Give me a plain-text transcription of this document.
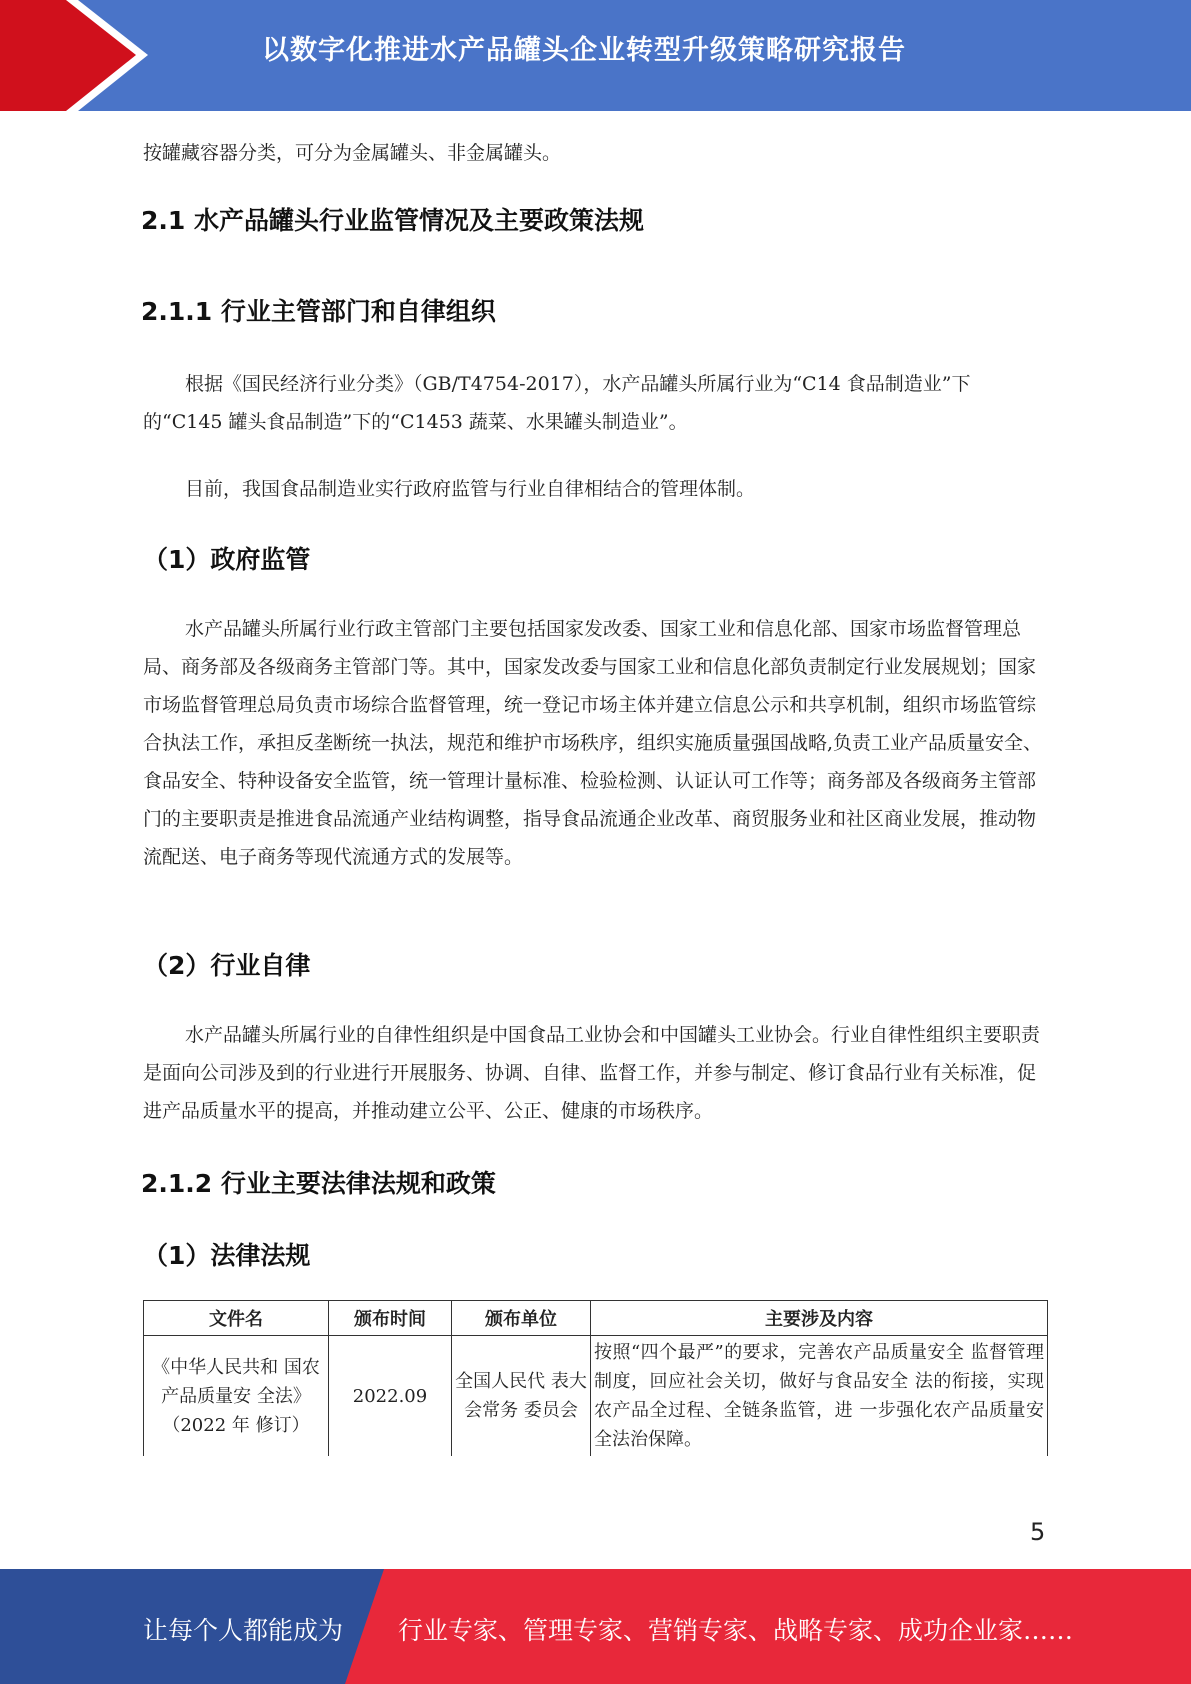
以数字化推进水产品罐头企业转型升级策略研究报告

按罐藏容器分类，可分为金属罐头、非金属罐头。

2.1 水产品罐头行业监管情况及主要政策法规
2.1.1 行业主管部门和自律组织

根据《国民经济行业分类》（GB/T4754-2017），水产品罐头所属行业为“C14 食品制造业”下的“C145 罐头食品制造”下的“C1453 蔬菜、水果罐头制造业”。

目前，我国食品制造业实行政府监管与行业自律相结合的管理体制。

（1）政府监管

水产品罐头所属行业行政主管部门主要包括国家发改委、国家工业和信息化部、国家市场监督管理总局、商务部及各级商务主管部门等。其中，国家发改委与国家工业和信息化部负责制定行业发展规划；国家市场监督管理总局负责市场综合监督管理，统一登记市场主体并建立信息公示和共享机制，组织市场监管综合执法工作，承担反垄断统一执法，规范和维护市场秩序，组织实施质量强国战略,负责工业产品质量安全、食品安全、特种设备安全监管，统一管理计量标准、检验检测、认证认可工作等；商务部及各级商务主管部门的主要职责是推进食品流通产业结构调整，指导食品流通企业改革、商贸服务业和社区商业发展，推动物流配送、电子商务等现代流通方式的发展等。

（2）行业自律

水产品罐头所属行业的自律性组织是中国食品工业协会和中国罐头工业协会。行业自律性组织主要职责是面向公司涉及到的行业进行开展服务、协调、自律、监督工作，并参与制定、修订食品行业有关标准，促进产品质量水平的提高，并推动建立公平、公正、健康的市场秩序。

2.1.2 行业主要法律法规和政策
（1）法律法规
文件名	颁布时间	颁布单位	主要涉及内容
《中华人民共和 国农产品质量安 全法》（2022 年 修订）	2022.09	全国人民代 表大会常务 委员会	按照“四个最严”的要求，完善农产品质量安全 监督管理制度，回应社会关切，做好与食品安全 法的衔接，实现农产品全过程、全链条监管，进 一步强化农产品质量安全法治保障。
5
让每个人都能成为 行业专家、管理专家、营销专家、战略专家、成功企业家……
